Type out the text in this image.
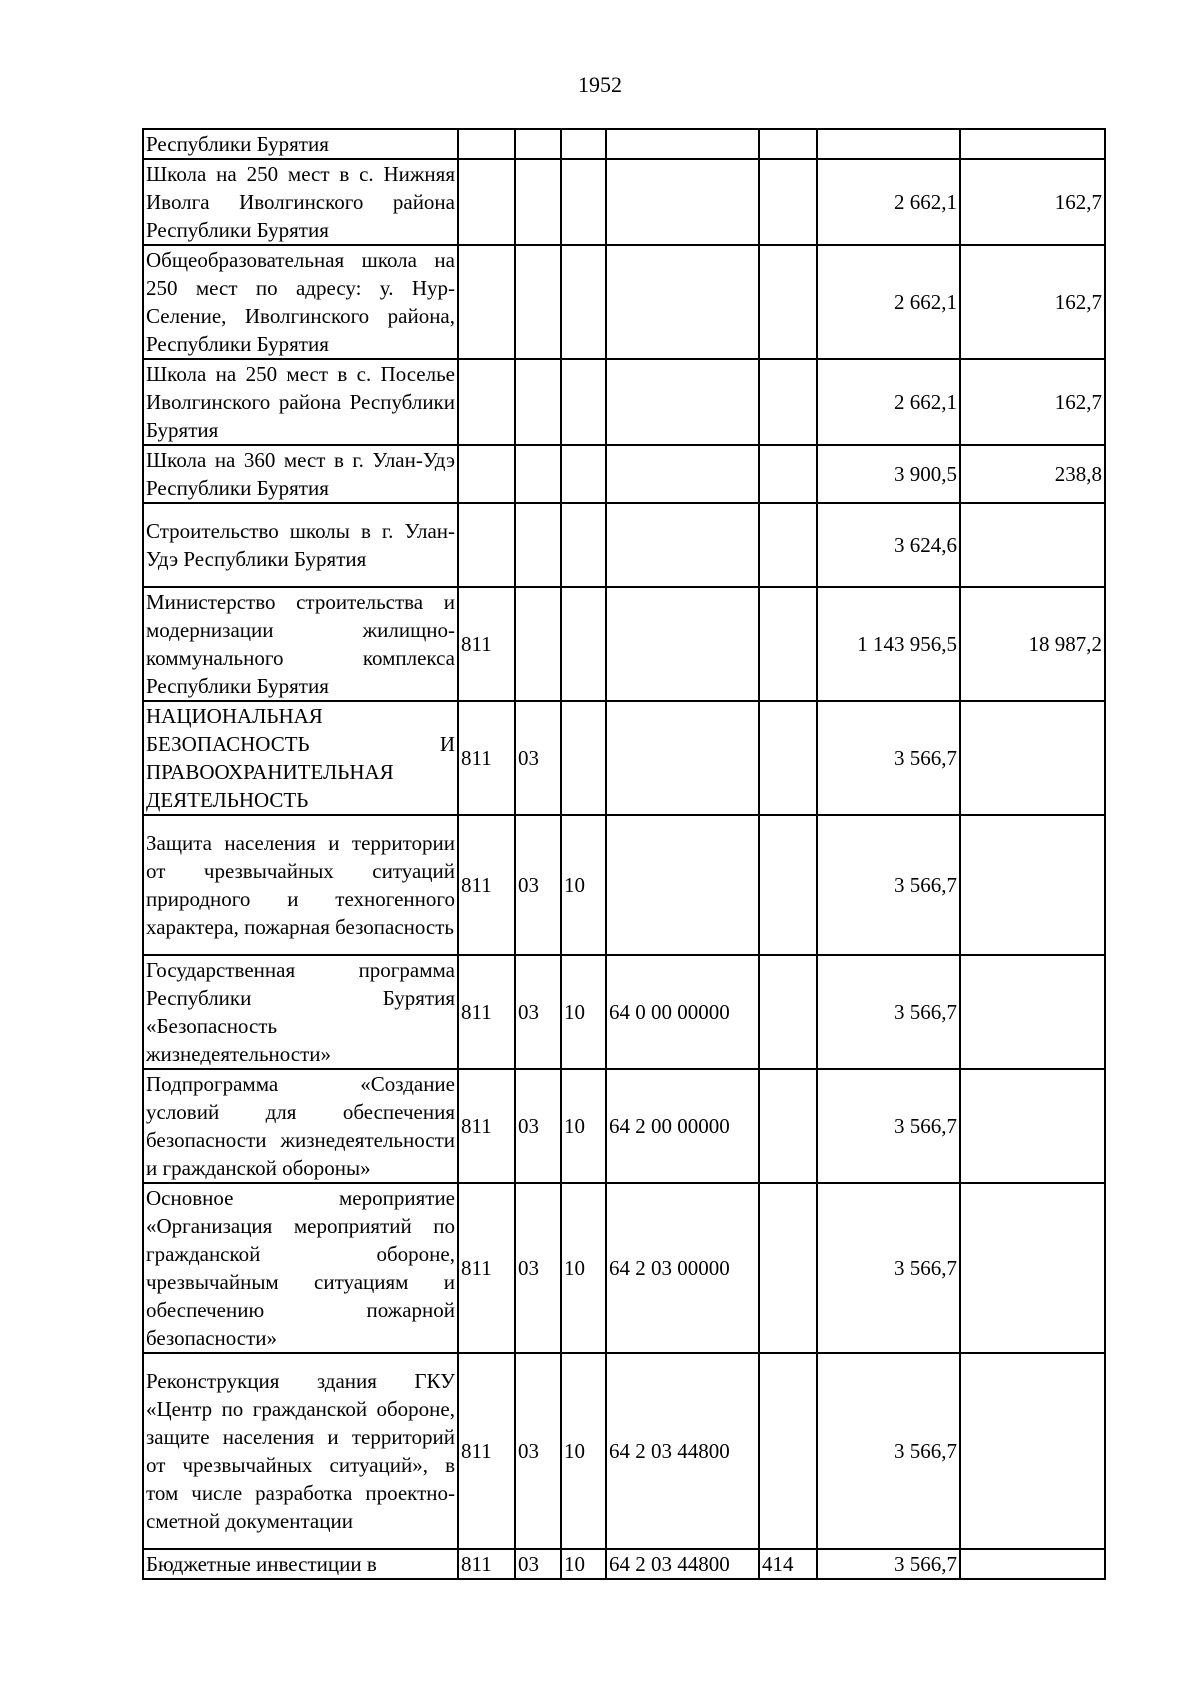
1952
Республики Бурятия							
Школа на 250 мест в с. Нижняя Иволга Иволгинского района Республики Бурятия						2 662,1	162,7
Общеобразовательная школа на 250 мест по адресу: у. Нур-Селение, Иволгинского района, Республики Бурятия						2 662,1	162,7
Школа на 250 мест в с. Поселье Иволгинского района Республики Бурятия						2 662,1	162,7
Школа на 360 мест в г. Улан-Удэ Республики Бурятия						3 900,5	238,8
Строительство школы в г. Улан-Удэ Республики Бурятия						3 624,6	
Министерство строительства и модернизации жилищно-коммунального комплекса Республики Бурятия	811					1 143 956,5	18 987,2
НАЦИОНАЛЬНАЯ БЕЗОПАСНОСТЬ И ПРАВООХРАНИТЕЛЬНАЯ ДЕЯТЕЛЬНОСТЬ	811	03				3 566,7	
Защита населения и территории от чрезвычайных ситуаций природного и техногенного характера, пожарная безопасность	811	03	10			3 566,7	
Государственная программа Республики Бурятия «Безопасность жизнедеятельности»	811	03	10	64 0 00 00000		3 566,7	
Подпрограмма «Создание условий для обеспечения безопасности жизнедеятельности и гражданской обороны»	811	03	10	64 2 00 00000		3 566,7	
Основное мероприятие «Организация мероприятий по гражданской обороне, чрезвычайным ситуациям и обеспечению пожарной безопасности»	811	03	10	64 2 03 00000		3 566,7	
Реконструкция здания ГКУ «Центр по гражданской обороне, защите населения и территорий от чрезвычайных ситуаций», в том числе разработка проектно-сметной документации	811	03	10	64 2 03 44800		3 566,7	
Бюджетные инвестиции в	811	03	10	64 2 03 44800	414	3 566,7	
